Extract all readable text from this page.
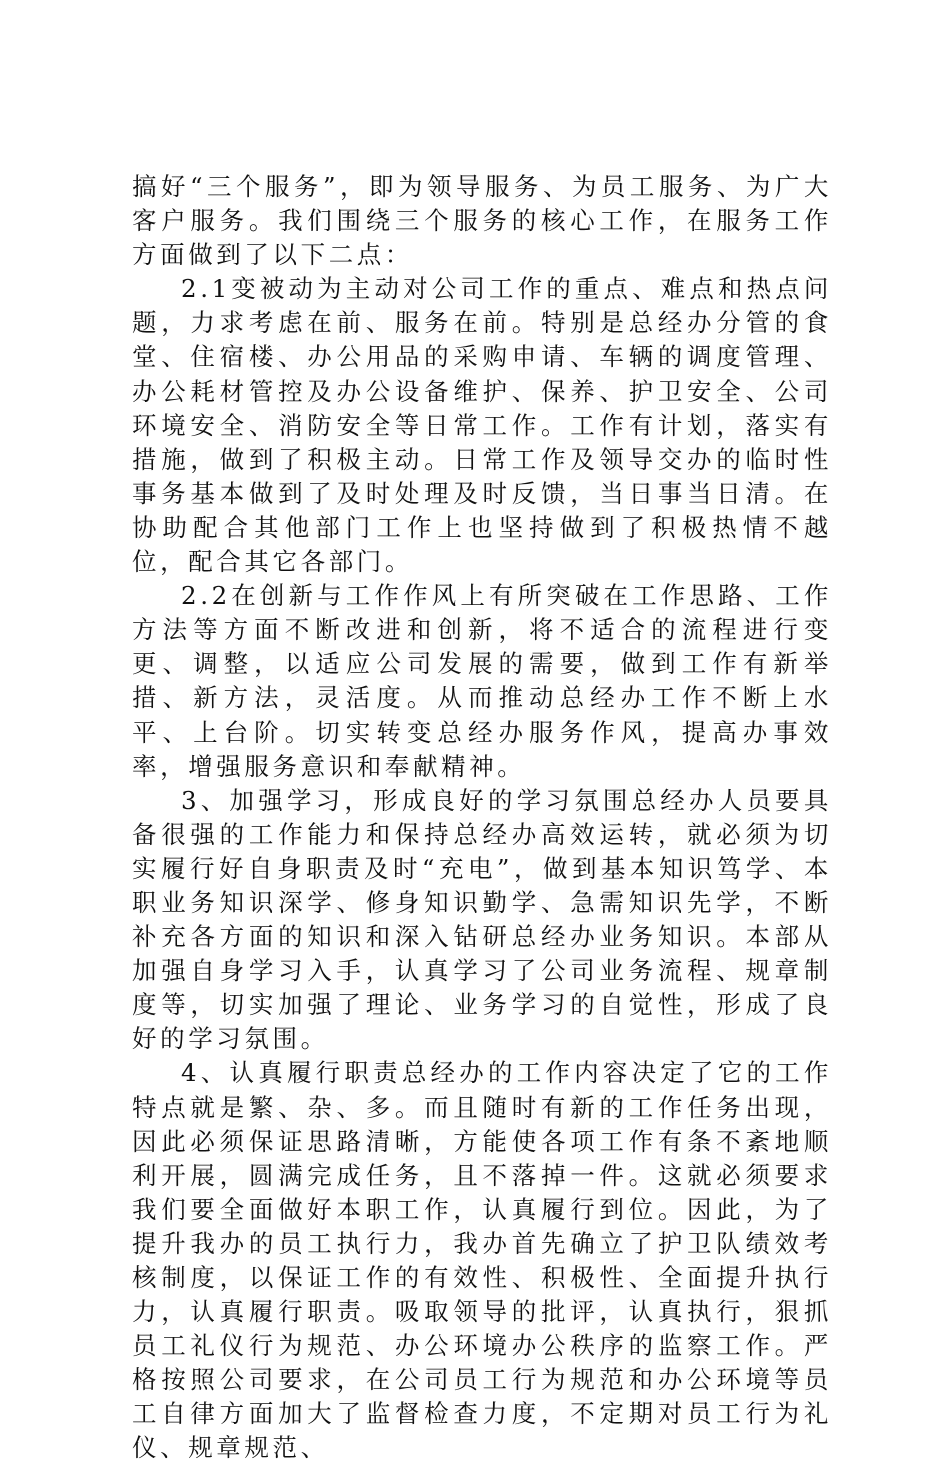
搞好“三个服务”，即为领导服务、为员工服务、为广大客户服务。我们围绕三个服务的核心工作，在服务工作方面做到了以下二点：

2.1变被动为主动对公司工作的重点、难点和热点问题，力求考虑在前、服务在前。特别是总经办分管的食堂、住宿楼、办公用品的采购申请、车辆的调度管理、办公耗材管控及办公设备维护、保养、护卫安全、公司环境安全、消防安全等日常工作。工作有计划，落实有措施，做到了积极主动。日常工作及领导交办的临时性事务基本做到了及时处理及时反馈，当日事当日清。在协助配合其他部门工作上也坚持做到了积极热情不越位，配合其它各部门。

2.2在创新与工作作风上有所突破在工作思路、工作方法等方面不断改进和创新，将不适合的流程进行变更、调整，以适应公司发展的需要，做到工作有新举措、新方法，灵活度。从而推动总经办工作不断上水平、上台阶。切实转变总经办服务作风，提高办事效率，增强服务意识和奉献精神。

3、加强学习，形成良好的学习氛围总经办人员要具备很强的工作能力和保持总经办高效运转，就必须为切实履行好自身职责及时“充电”，做到基本知识笃学、本职业务知识深学、修身知识勤学、急需知识先学，不断补充各方面的知识和深入钻研总经办业务知识。本部从加强自身学习入手，认真学习了公司业务流程、规章制度等，切实加强了理论、业务学习的自觉性，形成了良好的学习氛围。

4、认真履行职责总经办的工作内容决定了它的工作特点就是繁、杂、多。而且随时有新的工作任务出现，因此必须保证思路清晰，方能使各项工作有条不紊地顺利开展，圆满完成任务，且不落掉一件。这就必须要求我们要全面做好本职工作，认真履行到位。因此，为了提升我办的员工执行力，我办首先确立了护卫队绩效考核制度，以保证工作的有效性、积极性、全面提升执行力，认真履行职责。吸取领导的批评，认真执行，狠抓员工礼仪行为规范、办公环境办公秩序的监察工作。严格按照公司要求，在公司员工行为规范和办公环境等员工自律方面加大了监督检查力度，不定期对员工行为礼仪、规章规范、
